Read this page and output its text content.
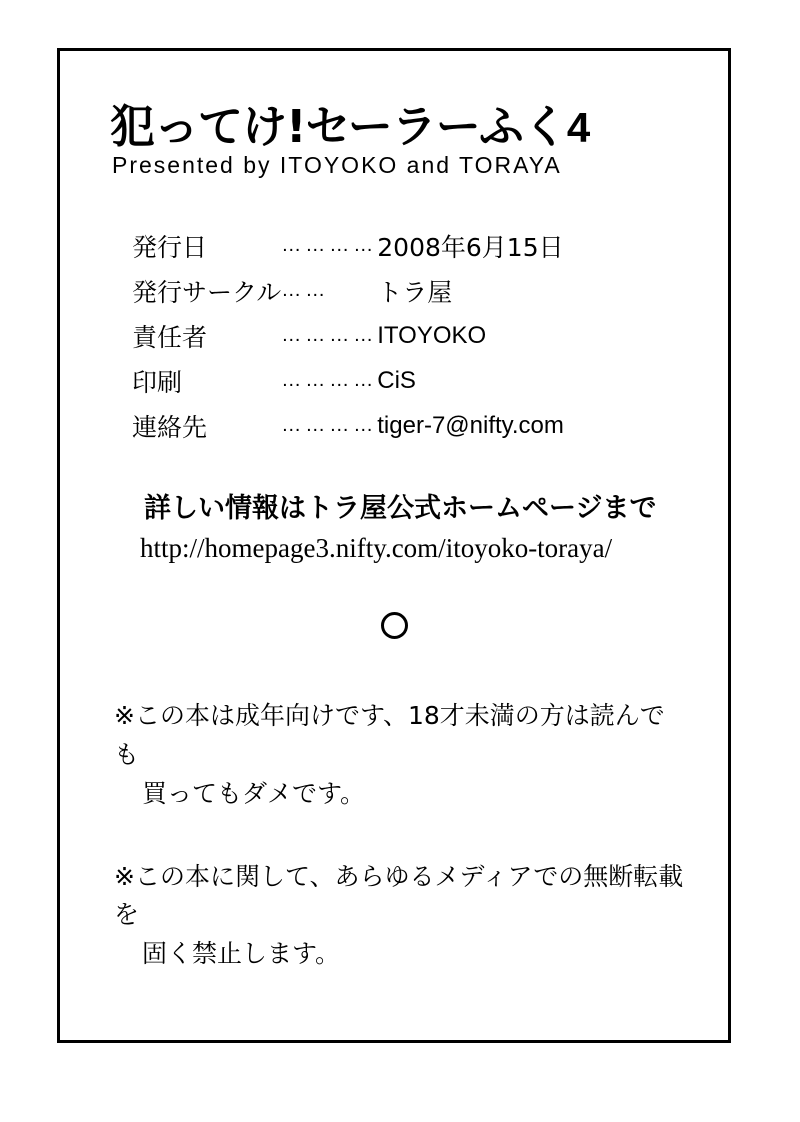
犯ってけ!セーラーふく4
Presented by ITOYOKO and TORAYA
発行日	…………	2008年6月15日
発行サークル	……	トラ屋
責任者	…………	ITOYOKO
印刷	…………	CiS
連絡先	…………	tiger-7@nifty.com
詳しい情報はトラ屋公式ホームページまで
http://homepage3.nifty.com/itoyoko-toraya/
※この本は成年向けです、18才未満の方は読んでも
買ってもダメです。
※この本に関して、あらゆるメディアでの無断転載を
固く禁止します。
